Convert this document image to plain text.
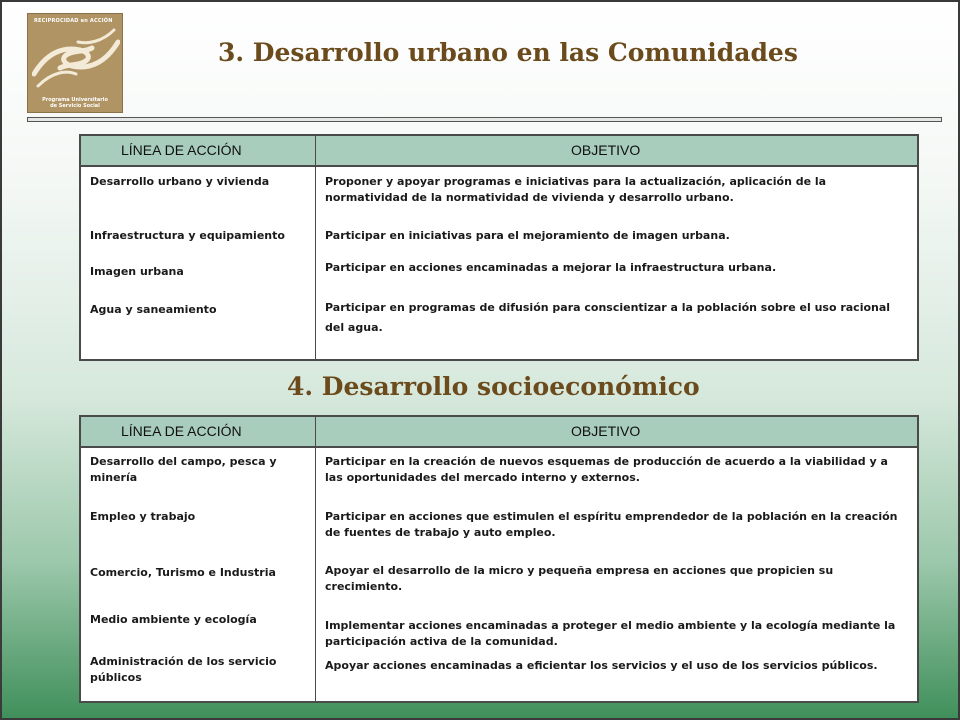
RECIPROCIDAD en ACCIÓN
Programa Universitario
de Servicio Social
3. Desarrollo urbano en las Comunidades
LÍNEA DE ACCIÓN	OBJETIVO
Desarrollo urbano y vivienda
Infraestructura y equipamiento
Imagen urbana
Agua y saneamiento
Proponer y apoyar programas e iniciativas para la actualización, aplicación de la normatividad de la normatividad de vivienda y desarrollo urbano.
Participar en iniciativas para el mejoramiento de imagen urbana.
Participar en acciones encaminadas a mejorar la infraestructura urbana.
Participar en programas de difusión para conscientizar a la población sobre el uso racional del agua.
4. Desarrollo socioeconómico
LÍNEA DE ACCIÓN	OBJETIVO
Desarrollo del campo, pesca y minería
Empleo y trabajo
Comercio, Turismo e Industria
Medio ambiente y ecología
Administración de los servicio públicos
Participar en la creación de nuevos esquemas de producción de acuerdo a la viabilidad y a las oportunidades del mercado interno y externos.
Participar en acciones que estimulen el espíritu emprendedor de la población en la creación de fuentes de trabajo y auto empleo.
Apoyar el desarrollo de la micro y pequeña empresa en acciones que propicien su crecimiento.
Implementar acciones encaminadas a proteger el medio ambiente y la ecología mediante la participación activa de la comunidad.
Apoyar acciones encaminadas a eficientar los servicios y el uso de los servicios públicos.
